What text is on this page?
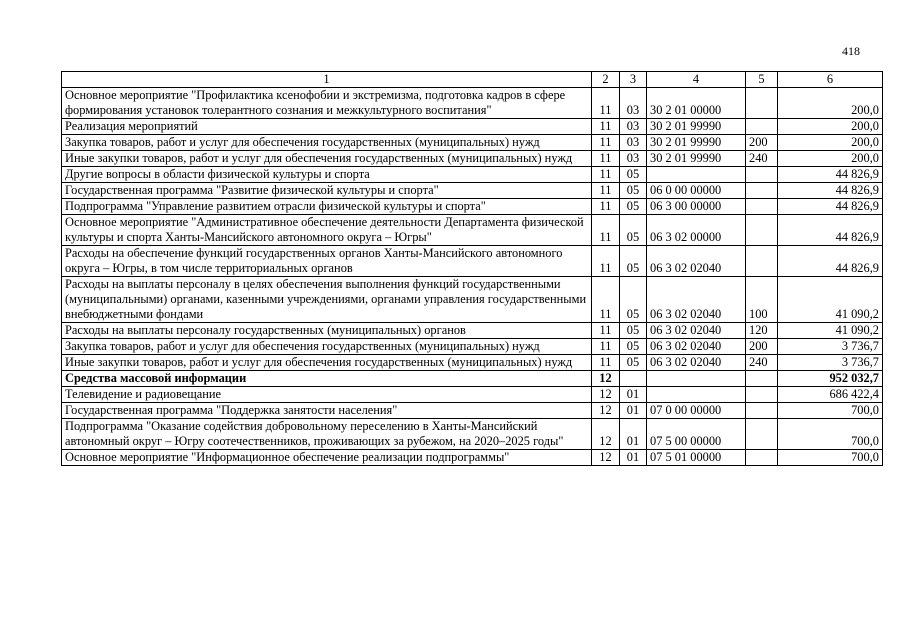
418
1	2	3	4	5	6
Основное мероприятие "Профилактика ксенофобии и экстремизма, подготовка кадров в сфере формирования установок толерантного сознания и межкультурного воспитания"	11	03	30 2 01 00000		200,0
Реализация мероприятий	11	03	30 2 01 99990		200,0
Закупка товаров, работ и услуг для обеспечения государственных (муниципальных) нужд	11	03	30 2 01 99990	200	200,0
Иные закупки товаров, работ и услуг для обеспечения государственных (муниципальных) нужд	11	03	30 2 01 99990	240	200,0
Другие вопросы в области физической культуры и спорта	11	05			44 826,9
Государственная программа "Развитие физической культуры и спорта"	11	05	06 0 00 00000		44 826,9
Подпрограмма "Управление развитием отрасли физической культуры и спорта"	11	05	06 3 00 00000		44 826,9
Основное мероприятие "Административное обеспечение деятельности Департамента физической культуры и спорта Ханты-Мансийского автономного округа – Югры"	11	05	06 3 02 00000		44 826,9
Расходы на обеспечение функций государственных органов Ханты-Мансийского автономного округа – Югры, в том числе территориальных органов	11	05	06 3 02 02040		44 826,9
Расходы на выплаты персоналу в целях обеспечения выполнения функций государственными (муниципальными) органами, казенными учреждениями, органами управления государственными внебюджетными фондами	11	05	06 3 02 02040	100	41 090,2
Расходы на выплаты персоналу государственных (муниципальных) органов	11	05	06 3 02 02040	120	41 090,2
Закупка товаров, работ и услуг для обеспечения государственных (муниципальных) нужд	11	05	06 3 02 02040	200	3 736,7
Иные закупки товаров, работ и услуг для обеспечения государственных (муниципальных) нужд	11	05	06 3 02 02040	240	3 736,7
Средства массовой информации	12				952 032,7
Телевидение и радиовещание	12	01			686 422,4
Государственная программа "Поддержка занятости населения"	12	01	07 0 00 00000		700,0
Подпрограмма "Оказание содействия добровольному переселению в Ханты-Мансийский автономный округ – Югру соотечественников, проживающих за рубежом, на 2020–2025 годы"	12	01	07 5 00 00000		700,0
Основное мероприятие "Информационное обеспечение реализации подпрограммы"	12	01	07 5 01 00000		700,0
